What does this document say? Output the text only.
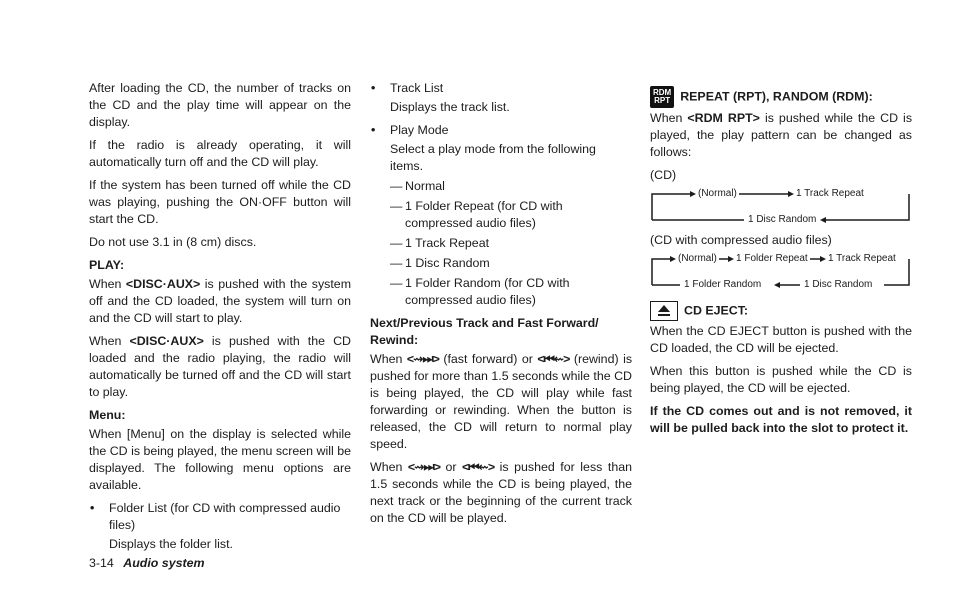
After loading the CD, the number of tracks on the CD and the play time will appear on the display.

If the radio is already operating, it will automatically turn off and the CD will play.

If the system has been turned off while the CD was playing, pushing the ON·OFF button will start the CD.

Do not use 3.1 in (8 cm) discs.

PLAY:

When <DISC·AUX> is pushed with the system off and the CD loaded, the system will turn on and the CD will start to play.

When <DISC·AUX> is pushed with the CD loaded and the radio playing, the radio will automatically be turned off and the CD will start to play.

Menu:

When [Menu] on the display is selected while the CD is being played, the menu screen will be displayed. The following menu options are available.

• Folder List (for CD with compressed audio files)
Displays the folder list.
• Track List
Displays the track list.
• Play Mode
Select a play mode from the following items.
— Normal
— 1 Folder Repeat (for CD with compressed audio files)
— 1 Track Repeat
— 1 Disc Random
— 1 Folder Random (for CD with compressed audio files)
Next/Previous Track and Fast Forward/ Rewind:

When <⇝⏭> (fast forward) or <⏮⇜> (rewind) is pushed for more than 1.5 seconds while the CD is being played, the CD will play while fast forwarding or rewinding. When the button is released, the CD will return to normal play speed.

When <⇝⏭> or <⏮⇜> is pushed for less than 1.5 seconds while the CD is being played, the next track or the beginning of the current track on the CD will be played.

RDM
RPT REPEAT (RPT), RANDOM (RDM):

When <RDM RPT> is pushed while the CD is played, the play pattern can be changed as follows:

(CD)

(Normal)	1 Track Repeat
1 Disc Random

(CD with compressed audio files)

(Normal) 1 Folder Repeat 1 Track Repeat
1 Folder Random	1 Disc Random
CD EJECT:

When the CD EJECT button is pushed with the CD loaded, the CD will be ejected.

When this button is pushed while the CD is being played, the CD will be ejected.

If the CD comes out and is not removed, it will be pulled back into the slot to protect it.

3-14 Audio system
